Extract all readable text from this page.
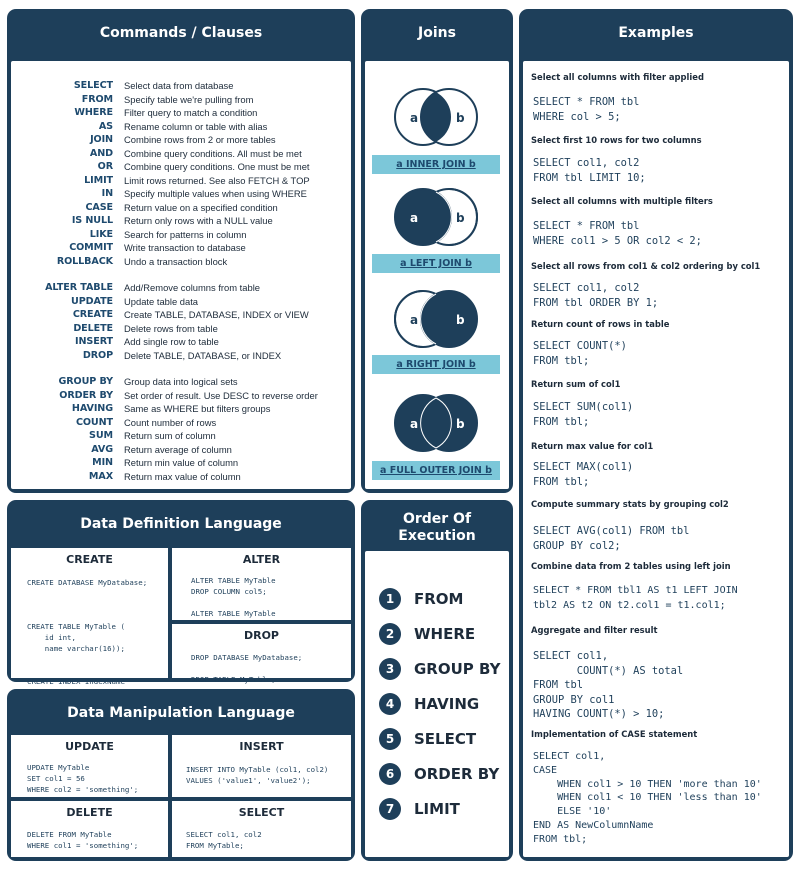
Commands / Clauses
SELECT	Select data from database
FROM	Specify table we're pulling from
WHERE	Filter query to match a condition
AS	Rename column or table with alias
JOIN	Combine rows from 2 or more tables
AND	Combine query conditions. All must be met
OR	Combine query conditions. One must be met
LIMIT	Limit rows returned. See also FETCH & TOP
IN	Specify multiple values when using WHERE
CASE	Return value on a specified condition
IS NULL	Return only rows with a NULL value
LIKE	Search for patterns in column
COMMIT	Write transaction to database
ROLLBACK	Undo a transaction block
ALTER TABLE	Add/Remove columns from table
UPDATE	Update table data
CREATE	Create TABLE, DATABASE, INDEX or VIEW
DELETE	Delete rows from table
INSERT	Add single row to table
DROP	Delete TABLE, DATABASE, or INDEX
GROUP BY	Group data into logical sets
ORDER BY	Set order of result. Use DESC to reverse order
HAVING	Same as WHERE but filters groups
COUNT	Count number of rows
SUM	Return sum of column
AVG	Return average of column
MIN	Return min value of column
MAX	Return max value of column
Joins
a	b
a INNER JOIN b
a	b
a LEFT JOIN b
a	b
a RIGHT JOIN b
a	b
a FULL OUTER JOIN b
Examples
Select all columns with filter applied
SELECT * FROM tbl
WHERE col > 5;
Select first 10 rows for two columns
SELECT col1, col2
FROM tbl LIMIT 10;
Select all columns with multiple filters
SELECT * FROM tbl
WHERE col1 > 5 OR col2 < 2;
Select all rows from col1 & col2 ordering by col1
SELECT col1, col2
FROM tbl ORDER BY 1;
Return count of rows in table
SELECT COUNT(*)
FROM tbl;
Return sum of col1
SELECT SUM(col1)
FROM tbl;
Return max value for col1
SELECT MAX(col1)
FROM tbl;
Compute summary stats by grouping col2
SELECT AVG(col1) FROM tbl
GROUP BY col2;
Combine data from 2 tables using left join
SELECT * FROM tbl1 AS t1 LEFT JOIN
tbl2 AS t2 ON t2.col1 = t1.col1;
Aggregate and filter result
SELECT col1,
COUNT(*) AS total
FROM tbl
GROUP BY col1
HAVING COUNT(*) > 10;
Implementation of CASE statement
SELECT col1,
CASE
WHEN col1 > 10 THEN 'more than 10'
WHEN col1 < 10 THEN 'less than 10'
ELSE '10'
END AS NewColumnName
FROM tbl;
Data Definition Language
CREATE
CREATE DATABASE MyDatabase;

CREATE TABLE MyTable (
id int,
name varchar(16));

CREATE INDEX IndexName

ALTER
ALTER TABLE MyTable
DROP COLUMN col5;

ALTER TABLE MyTable

DROP
DROP DATABASE MyDatabase;

DROP TABLE MyTable;
Data Manipulation Language
UPDATE
UPDATE MyTable
SET col1 = 56
WHERE col2 = 'something';
INSERT
INSERT INTO MyTable (col1, col2)
VALUES ('value1', 'value2');
DELETE
DELETE FROM MyTable
WHERE col1 = 'something';
SELECT
SELECT col1, col2
FROM MyTable;
Order Of
Execution
1	FROM
2	WHERE
3	GROUP BY
4	HAVING
5	SELECT
6	ORDER BY
7	LIMIT
